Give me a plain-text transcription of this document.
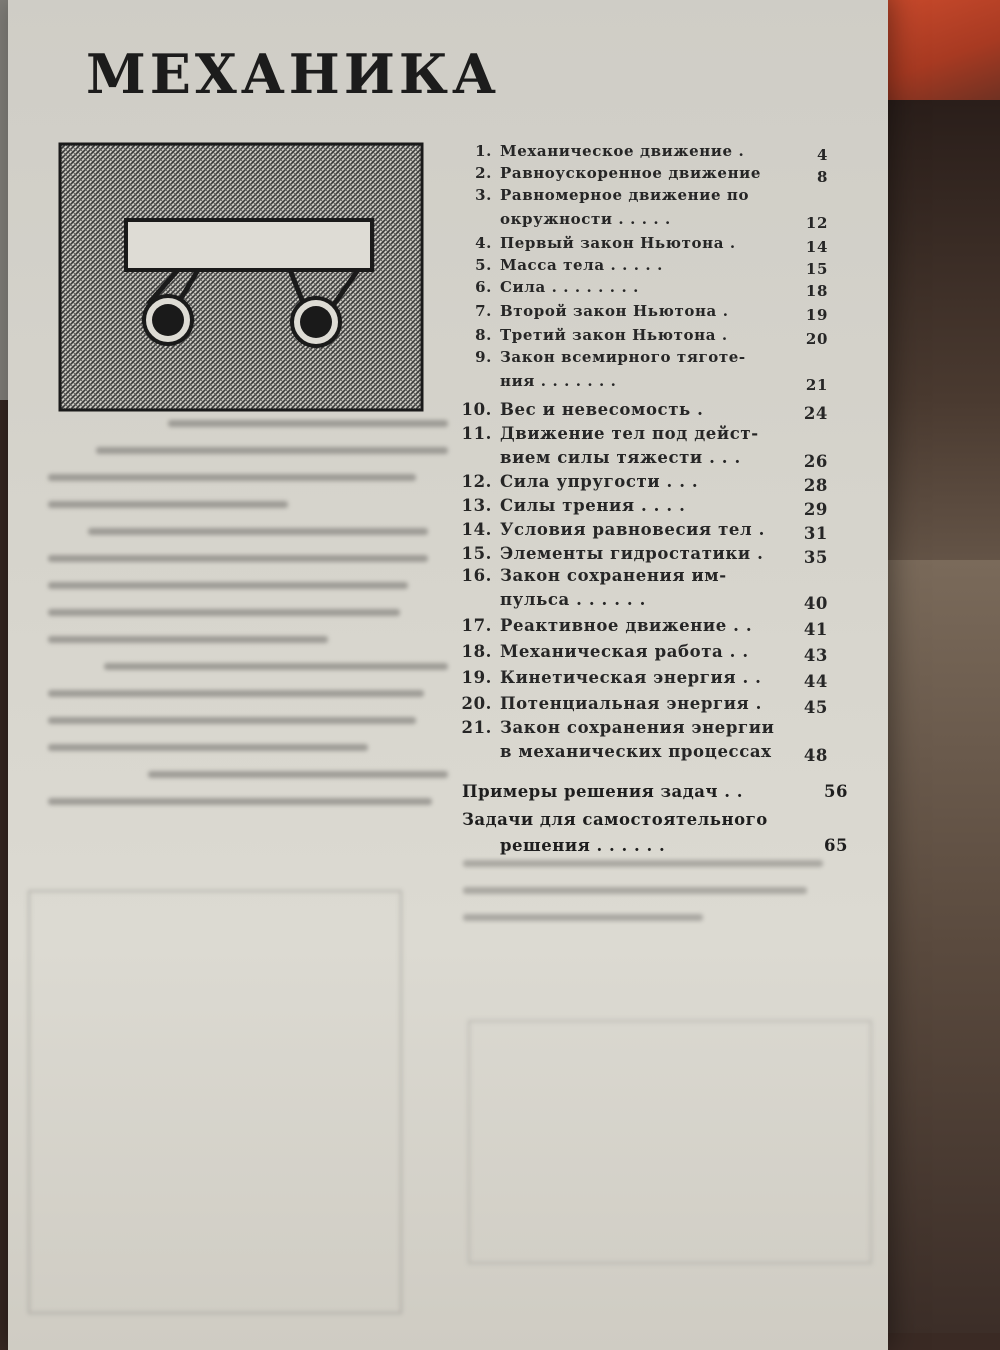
МЕХАНИКА
1. Механическое движение .	4
2. Равноускоренное движение	8
3. Равномерное движение по
окружности . . . . .	12
4. Первый закон Ньютона .	14
5. Масса тела . . . . .	15
6. Сила . . . . . . . .	18
7. Второй закон Ньютона .	19
8. Третий закон Ньютона .	20
9. Закон всемирного тяготе-
ния . . . . . . .	21
10. Вес и невесомость .	24
11. Движение тел под дейст-
вием силы тяжести . . .	26
12. Сила упругости . . .	28
13. Силы трения . . . .	29
14. Условия равновесия тел . 31
15. Элементы гидростатики . 35
16. Закон сохранения им-
пульса . . . . . .	40
17. Реактивное движение . .	41
18. Механическая работа . .	43
19. Кинетическая энергия . .	44
20. Потенциальная энергия .	45
21. Закон сохранения энергии
в механических процессах 48
Примеры решения задач . .	56
Задачи для самостоятельного
решения . . . . . .	65
